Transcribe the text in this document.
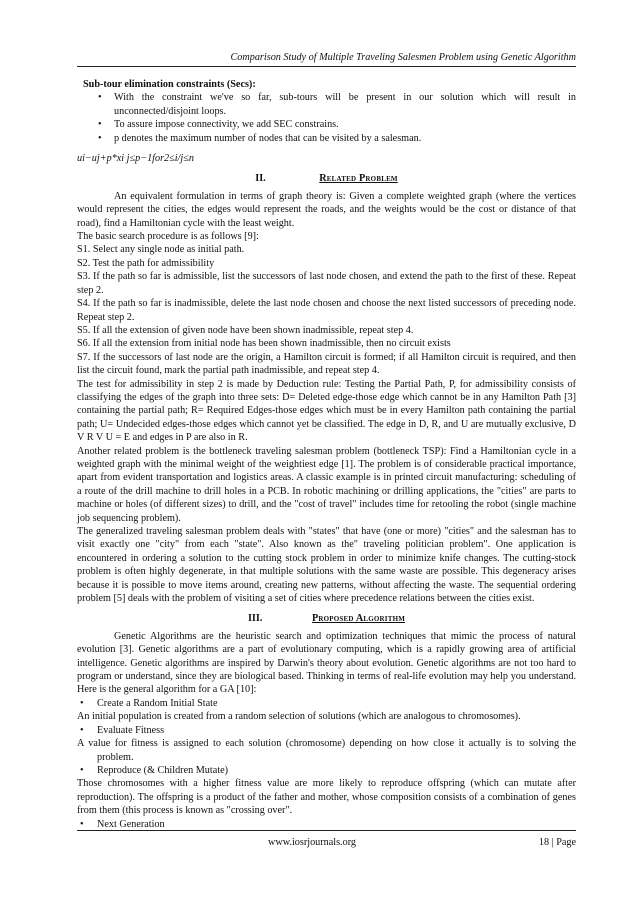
Comparison Study of Multiple Traveling Salesmen Problem using Genetic Algorithm

Sub-tour elimination constraints (Secs):

• With the constraint we've so far, sub-tours will be present in our solution which will result in unconnected/disjoint loops.
• To assure impose connectivity, we add SEC constrains.
• p denotes the maximum number of nodes that can be visited by a salesman.

ui−uj+p*xi j≤p−1for2≤i/j≤n

II.	Related Problem

An equivalent formulation in terms of graph theory is: Given a complete weighted graph (where the vertices would represent the cities, the edges would represent the roads, and the weights would be the cost or distance of that road), find a Hamiltonian cycle with the least weight.

The basic search procedure is as follows [9]:

S1. Select any single node as initial path.

S2. Test the path for admissibility

S3. If the path so far is admissible, list the successors of last node chosen, and extend the path to the first of these. Repeat step 2.

S4. If the path so far is inadmissible, delete the last node chosen and choose the next listed successors of preceding node. Repeat step 2.

S5. If all the extension of given node have been shown inadmissible, repeat step 4.

S6. If all the extension from initial node has been shown inadmissible, then no circuit exists

S7. If the successors of last node are the origin, a Hamilton circuit is formed; if all Hamilton circuit is required, and then list the circuit found, mark the partial path inadmissible, and repeat step 4.

The test for admissibility in step 2 is made by Deduction rule: Testing the Partial Path, P, for admissibility consists of classifying the edges of the graph into three sets: D= Deleted edge-those edge which cannot be in any Hamilton Path [3] containing the partial path; R= Required Edges-those edges which must be in every Hamilton path containing the partial path; U= Undecided edges-those edges which cannot yet be classified. The edge in D, R, and U are mutually exclusive, D V R V U = E and edges in P are also in R.

Another related problem is the bottleneck traveling salesman problem (bottleneck TSP): Find a Hamiltonian cycle in a weighted graph with the minimal weight of the weightiest edge [1]. The problem is of considerable practical importance, apart from evident transportation and logistics areas. A classic example is in printed circuit manufacturing: scheduling of a route of the drill machine to drill holes in a PCB. In robotic machining or drilling applications, the "cities" are parts to machine or holes (of different sizes) to drill, and the "cost of travel" includes time for retooling the robot (single machine job sequencing problem).

The generalized traveling salesman problem deals with "states" that have (one or more) "cities" and the salesman has to visit exactly one "city" from each "state". Also known as the" traveling politician problem". One application is encountered in ordering a solution to the cutting stock problem in order to minimize knife changes. The cutting-stock problem is often highly degenerate, in that multiple solutions with the same waste are possible. This degeneracy arises because it is possible to move items around, creating new patterns, without affecting the waste. The sequential ordering problem [5] deals with the problem of visiting a set of cities where precedence relations between the cities exist.

III.	Proposed Algorithm

Genetic Algorithms are the heuristic search and optimization techniques that mimic the process of natural evolution [3]. Genetic algorithms are a part of evolutionary computing, which is a rapidly growing area of artificial intelligence. Genetic algorithms are inspired by Darwin's theory about evolution. Genetic algorithms are not too hard to program or understand, since they are biological based. Thinking in terms of real-life evolution may help you understand. Here is the general algorithm for a GA [10]:

• Create a Random Initial State

An initial population is created from a random selection of solutions (which are analogous to chromosomes).

• Evaluate Fitness

A value for fitness is assigned to each solution (chromosome) depending on how close it actually is to solving the problem.

• Reproduce (& Children Mutate)

Those chromosomes with a higher fitness value are more likely to reproduce offspring (which can mutate after reproduction). The offspring is a product of the father and mother, whose composition consists of a combination of genes from them (this process is known as "crossing over".

• Next Generation
www.iosrjournals.org	18 | Page
